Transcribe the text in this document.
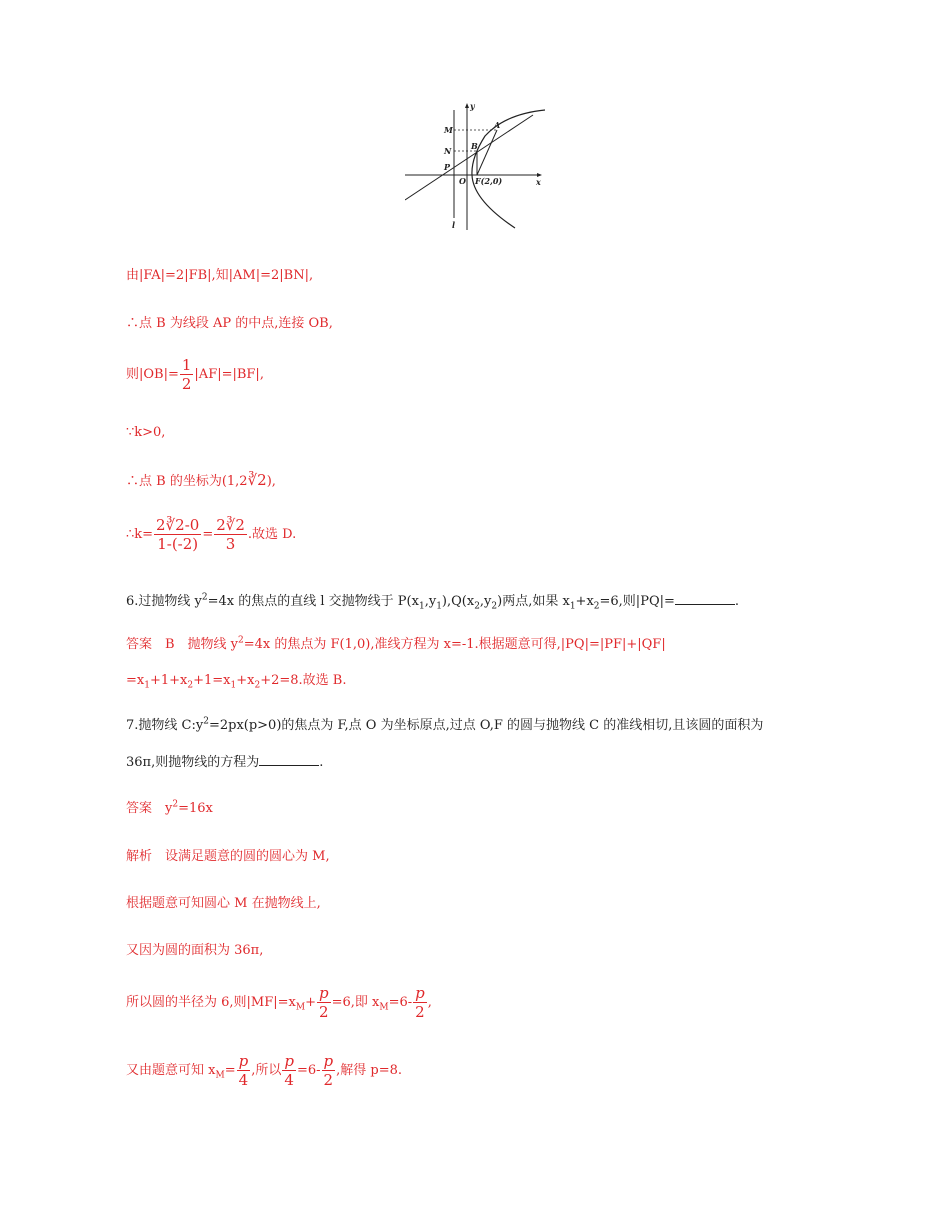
y
x
M	A
N B
P
O F(2,0)
l
由|FA|=2|FB|,知|AM|=2|BN|,
∴点 B 为线段 AP 的中点,连接 OB,
则$|OB|= \frac{1}{2} |AF|=|BF|$,
∵k>0,
∴点 B 的坐标为(1,2∛2),
∴k= $\frac{2∛2-0}{1-(-2)} = \frac{2∛2}{3}$ .故选 D.
6.过抛物线 $y^2=4x$ 的焦点的直线 l 交抛物线于 $P(x_1,y_1),Q(x_2,y_2)$两点,如果 $x_1+x_2=6$,则|PQ|=	.
答案　B　抛物线 $y^2=4x$ 的焦点为 F(1,0),准线方程为 x=-1.根据题意可得,|PQ|=|PF|+|QF|
$=x_1+1+x_2+1=x_1+x_2+2=8$.故选 B.
7.抛物线 $C:y^2=2px(p>0)$的焦点为 F,点 O 为坐标原点,过点 O,F 的圆与抛物线 C 的准线相切,且该圆的面积为
36π,则抛物线的方程为	.
答案　$y^2=16x$
解析　设满足题意的圆的圆心为 M,
根据题意可知圆心 M 在抛物线上,
又因为圆的面积为 36π,
所以圆的半径为 6,则$|MF|=x_M+ \frac{p}{2} =6$,即 $x_M=6- \frac{p}{2}$ ,
又由题意可知 $x_M= \frac{p}{4}$ ,所以 $\frac{p}{4} =6- \frac{p}{2}$ ,解得 p=8.
